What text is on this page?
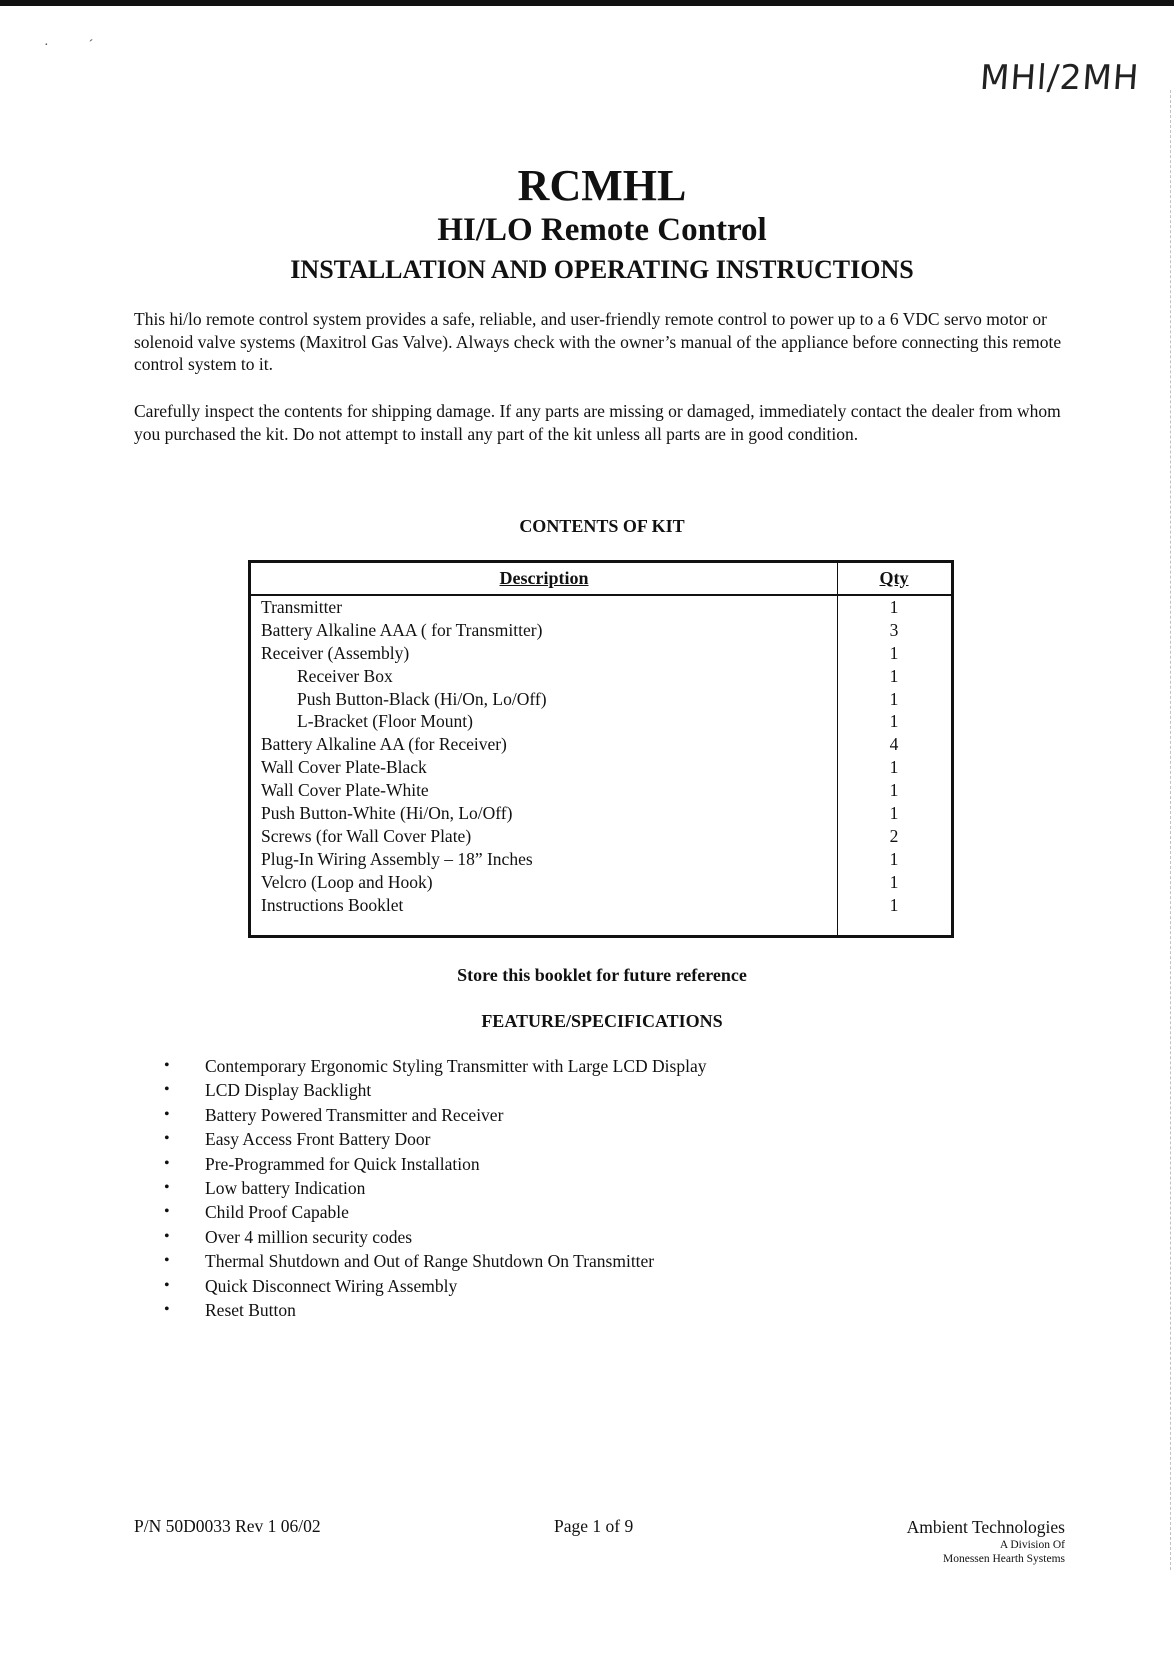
·´
MHl/2MH
RCMHL
HI/LO Remote Control
INSTALLATION AND OPERATING INSTRUCTIONS

This hi/lo remote control system provides a safe, reliable, and user-friendly remote control to power up to a 6 VDC servo motor or solenoid valve systems (Maxitrol Gas Valve). Always check with the owner’s manual of the appliance before connecting this remote control system to it.

Carefully inspect the contents for shipping damage. If any parts are missing or damaged, immediately contact the dealer from whom you purchased the kit. Do not attempt to install any part of the kit unless all parts are in good condition.

CONTENTS OF KIT
Description	Qty
Transmitter	1
Battery Alkaline AAA ( for Transmitter)	3
Receiver (Assembly)	1
Receiver Box	1
Push Button-Black (Hi/On, Lo/Off)	1
L-Bracket (Floor Mount)	1
Battery Alkaline AA (for Receiver)	4
Wall Cover Plate-Black	1
Wall Cover Plate-White	1
Push Button-White (Hi/On, Lo/Off)	1
Screws (for Wall Cover Plate)	2
Plug-In Wiring Assembly – 18” Inches	1
Velcro (Loop and Hook)	1
Instructions Booklet	1
Store this booklet for future reference
FEATURE/SPECIFICATIONS
• Contemporary Ergonomic Styling Transmitter with Large LCD Display
• LCD Display Backlight
• Battery Powered Transmitter and Receiver
• Easy Access Front Battery Door
• Pre-Programmed for Quick Installation
• Low battery Indication
• Child Proof Capable
• Over 4 million security codes
• Thermal Shutdown and Out of Range Shutdown On Transmitter
• Quick Disconnect Wiring Assembly
• Reset Button
P/N 50D0033 Rev 1 06/02	Page 1 of 9	Ambient Technologies
A Division Of
Monessen Hearth Systems
